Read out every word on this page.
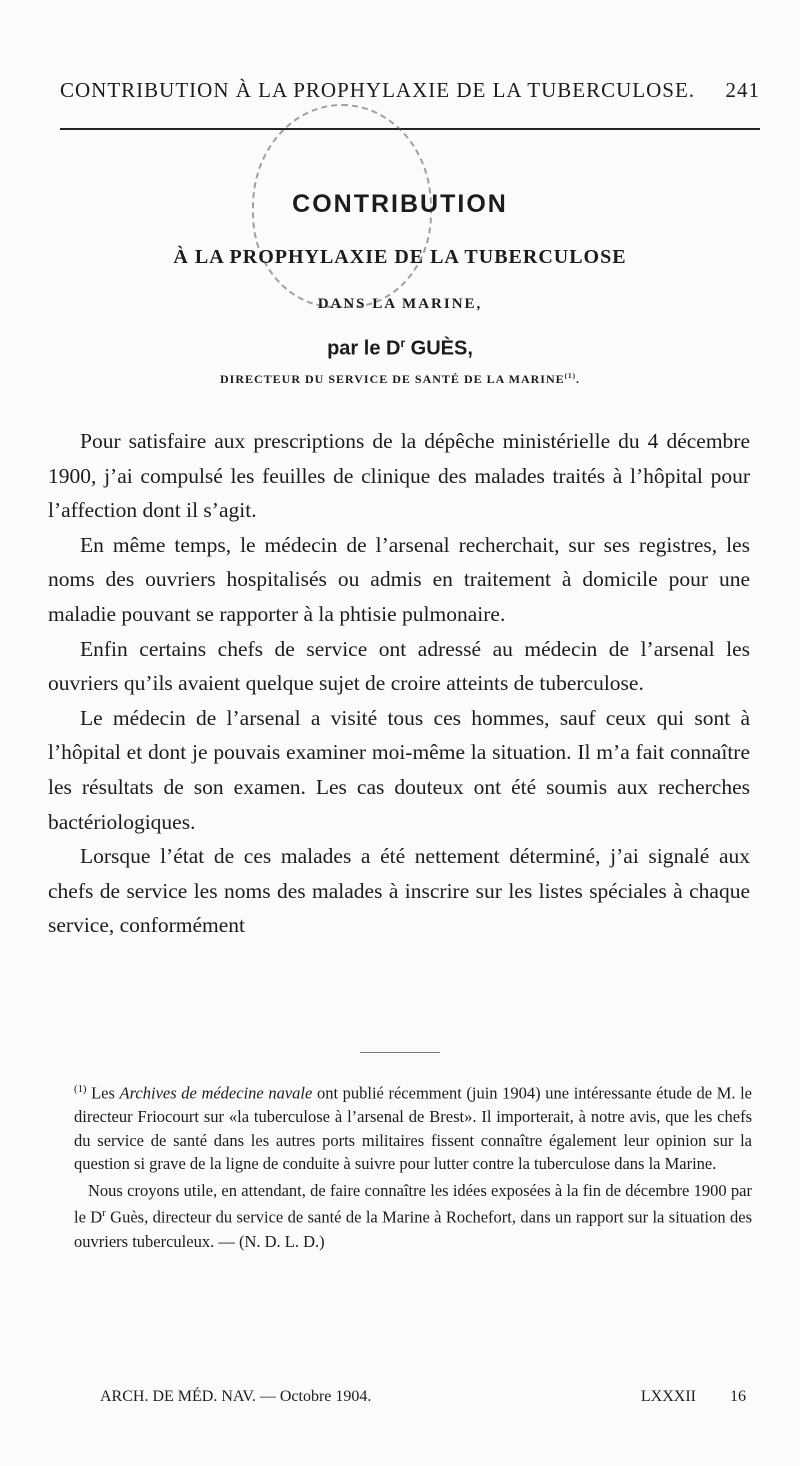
CONTRIBUTION À LA PROPHYLAXIE DE LA TUBERCULOSE. 241
CONTRIBUTION
À LA PROPHYLAXIE DE LA TUBERCULOSE
DANS LA MARINE,
par le $D^r$ GUÈS,
DIRECTEUR DU SERVICE DE SANTÉ DE LA MARINE$^{(1)}$.

Pour satisfaire aux prescriptions de la dépêche ministérielle du 4 décembre 1900, j’ai compulsé les feuilles de clinique des malades traités à l’hôpital pour l’affection dont il s’agit.

En même temps, le médecin de l’arsenal recherchait, sur ses registres, les noms des ouvriers hospitalisés ou admis en traitement à domicile pour une maladie pouvant se rapporter à la phtisie pulmonaire.

Enfin certains chefs de service ont adressé au médecin de l’arsenal les ouvriers qu’ils avaient quelque sujet de croire atteints de tuberculose.

Le médecin de l’arsenal a visité tous ces hommes, sauf ceux qui sont à l’hôpital et dont je pouvais examiner moi-même la situation. Il m’a fait connaître les résultats de son examen. Les cas douteux ont été soumis aux recherches bactériologiques.

Lorsque l’état de ces malades a été nettement déterminé, j’ai signalé aux chefs de service les noms des malades à inscrire sur les listes spéciales à chaque service, conformément

$^{(1)}$ Les Archives de médecine navale ont publié récemment (juin 1904) une intéressante étude de M. le directeur Friocourt sur «la tuberculose à l’arsenal de Brest». Il importerait, à notre avis, que les chefs du service de santé dans les autres ports militaires fissent connaître également leur opinion sur la question si grave de la ligne de conduite à suivre pour lutter contre la tuberculose dans la Marine.

Nous croyons utile, en attendant, de faire connaître les idées exposées à la fin de décembre 1900 par le $D^r$ Guès, directeur du service de santé de la Marine à Rochefort, dans un rapport sur la situation des ouvriers tuberculeux. — (N. D. L. D.)

ARCH. DE MÉD. NAV. — Octobre 1904.	LXXXII 16
